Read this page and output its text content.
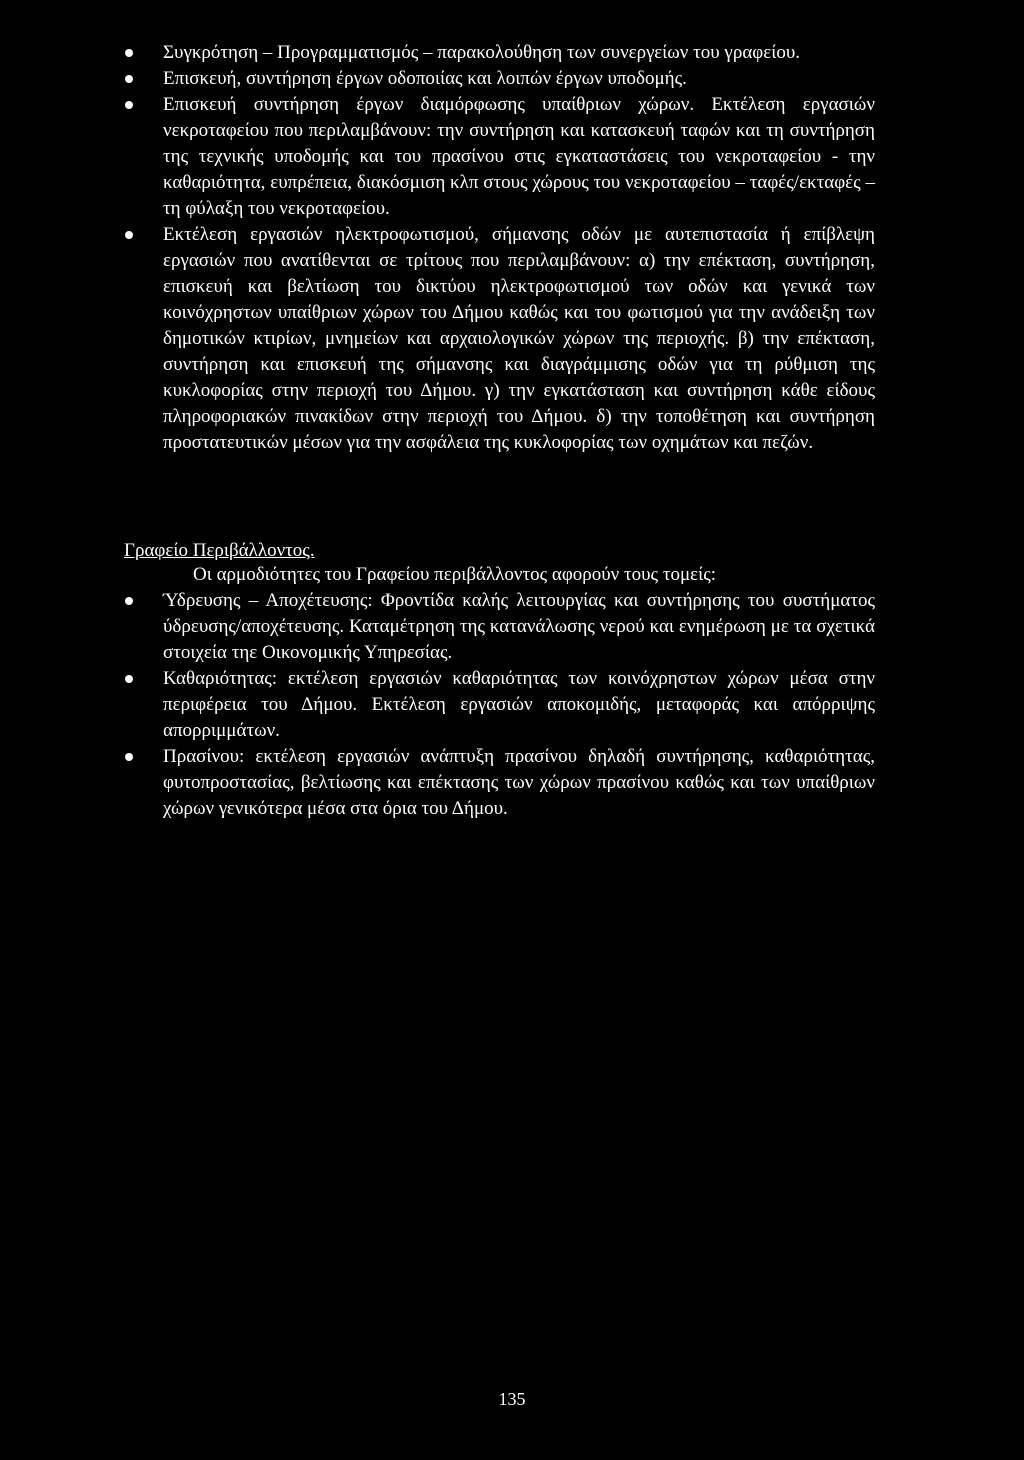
Συγκρότηση – Προγραμματισμός – παρακολούθηση των συνεργείων του γραφείου.
Επισκευή, συντήρηση έργων οδοποιίας και λοιπών έργων υποδομής.
Επισκευή συντήρηση έργων διαμόρφωσης υπαίθριων χώρων. Εκτέλεση εργασιών νεκροταφείου που περιλαμβάνουν: την συντήρηση και κατασκευή ταφών και τη συντήρηση της τεχνικής υποδομής και του πρασίνου στις εγκαταστάσεις του νεκροταφείου - την καθαριότητα, ευπρέπεια, διακόσμιση κλπ στους χώρους του νεκροταφείου – ταφές/εκταφές – τη φύλαξη του νεκροταφείου.
Εκτέλεση εργασιών ηλεκτροφωτισμού, σήμανσης οδών με αυτεπιστασία ή επίβλεψη εργασιών που ανατίθενται σε τρίτους που περιλαμβάνουν: α) την επέκταση, συντήρηση, επισκευή και βελτίωση του δικτύου ηλεκτροφωτισμού των οδών και γενικά των κοινόχρηστων υπαίθριων χώρων του Δήμου καθώς και του φωτισμού για την ανάδειξη των δημοτικών κτιρίων, μνημείων και αρχαιολογικών χώρων της περιοχής. β) την επέκταση, συντήρηση και επισκευή της σήμανσης και διαγράμμισης οδών για τη ρύθμιση της κυκλοφορίας στην περιοχή του Δήμου. γ) την εγκατάσταση και συντήρηση κάθε είδους πληροφοριακών πινακίδων στην περιοχή του Δήμου. δ) την τοποθέτηση και συντήρηση προστατευτικών μέσων για την ασφάλεια της κυκλοφορίας των οχημάτων και πεζών.
Γραφείο Περιβάλλοντος.

Οι αρμοδιότητες του Γραφείου περιβάλλοντος αφορούν τους τομείς:

Ύδρευσης – Αποχέτευσης: Φροντίδα καλής λειτουργίας και συντήρησης του συστήματος ύδρευσης/αποχέτευσης. Καταμέτρηση της κατανάλωσης νερού και ενημέρωση με τα σχετικά στοιχεία τηε Οικονομικής Υπηρεσίας.
Καθαριότητας: εκτέλεση εργασιών καθαριότητας των κοινόχρηστων χώρων μέσα στην περιφέρεια του Δήμου. Εκτέλεση εργασιών αποκομιδής, μεταφοράς και απόρριψης απορριμμάτων.
Πρασίνου: εκτέλεση εργασιών ανάπτυξη πρασίνου δηλαδή συντήρησης, καθαριότητας, φυτοπροστασίας, βελτίωσης και επέκτασης των χώρων πρασίνου καθώς και των υπαίθριων χώρων γενικότερα μέσα στα όρια του Δήμου.
135
